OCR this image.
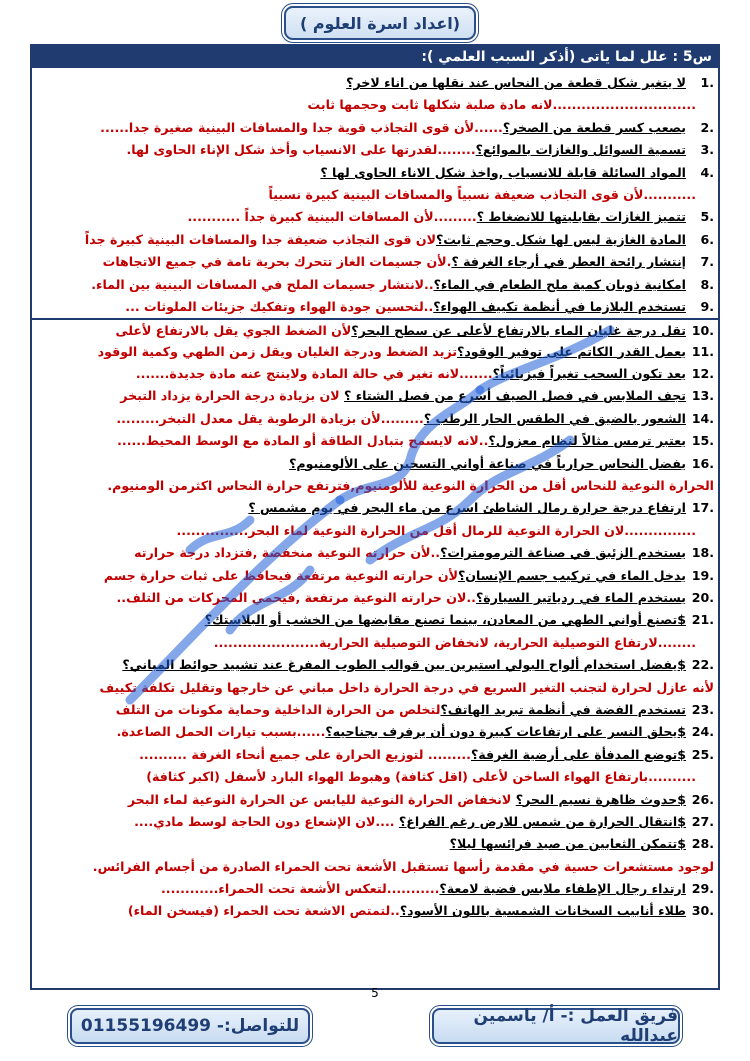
(اعداد اسرة العلوم )
س5 : علل لما ياتى (أذكر السبب العلمي ):
1.لا يتغير شكل قطعة من النحاس عند نقلها من اناء لاخر؟
..............................لانه مادة صلبة شكلها ثابت وحجمها ثابت
2.يصعب كسر قطعة من الصخر؟......لأن قوى التجاذب قوية جدا والمسافات البينية صغيرة جدا......
3.تسمية السوائل والغازات بالموائع؟........لقدرتها على الانسياب وأخذ شكل الإناء الحاوى لها.
4.المواد السائلة قابلة للانسياب ,واخذ شكل الاناء الحاوى لها ؟
...........لأن قوى التجاذب ضعيفة نسبياً والمسافات البينية كبيرة نسبياً
5.تتميز الغازات بقابليتها للانضغاط ؟.........لأن المسافات البينية كبيرة جداً ...........
6.المادة الغازية ليس لها شكل وحجم ثابت؟لان قوى التجاذب ضعيفة جدا والمسافات البينية كبيرة جداً
7.إنتشار رائحة العطر في أرجاء الغرفة ؟.لأن جسيمات الغاز تتحرك بحرية تامة في جميع الاتجاهات
8.امكانية ذوبان كمية ملح الطعام في الماء؟..لانتشار جسيمات الملح في المسافات البينية بين الماء.
9.تستخدم البلازما في أنظمة تكييف الهواء؟..لتحسين جودة الهواء وتفكيك جزيئات الملوثات ...
10.تقل درجة غليان الماء بالارتفاع لأعلى عن سطح البحر؟لأن الضغط الجوي يقل بالارتفاع لأعلى
11.يعمل القدر الكاتم على توفير الوقود؟تزيد الضغط ودرجة الغليان ويقل زمن الطهي وكمية الوقود
12.يعد تكون السحب تغيراً فيزيائياً؟.......لانه تغير في حالة المادة ولاينتج عنه مادة جديدة.......
13.تجف الملابس في فصل الصيف أسرع من فصل الشتاء ؟ لان بزيادة درجة الحرارة يزداد التبخر
14.الشعور بالضيق في الطقس الحار الرطب ؟.........لأن بزيادة الرطوبة يقل معدل التبخر.........
15.يعتبر ترمس مثالاً لنظام معزول؟..لانه لايسمح بتبادل الطاقة أو المادة مع الوسط المحيط......
16.يفضل النحاس حرارياً في صناعة أواني التسخين على الألومنيوم؟
الحرارة النوعية للنحاس أقل من الحرارة النوعية للألومنيوم,فترتفع حرارة النحاس اكثرمن الومنيوم.
17.ارتفاع درجة حرارة رمال الشاطئ اسرع من ماء البحر في يوم مشمس ؟
...............لان الحرارة النوعية للرمال أقل من الحرارة النوعية لماء البحر...............
18.يستخدم الزئبق في صناعة الترمومترات؟..لأن حرارته النوعية منخفضة ,فتزداد درجة حرارته
19.يدخل الماء في تركيب جسم الإنسان؟لأن حرارته النوعية مرتفعة فيحافظ على ثبات حرارة جسم
20.يستخدم الماء في ردياتير السيارة؟..لان حرارته النوعية مرتفعة ,فيحمي المحركات من التلف..
21.$تصنع أواني الطهي من المعادن، بينما تصنع مقابضها من الخشب أو البلاستك؟
........لارتفاع التوصيلية الحرارية، لانخفاض التوصيلية الحرارية......................
22.$يفضل استخدام ألواح البولي استيرين بين قوالب الطوب المفرغ عند تشييد حوائط المباني؟
لأنه عازل لحرارة لتجنب التغير السريع في درجة الحرارة داخل مباني عن خارجها وتقليل تكلفة تكييف
23.تستخدم الفضة في أنظمة تبريد الهاتف؟لتخلص من الحرارة الداخلية وحماية مكونات من التلف
24.$يحلق النسر على ارتفاعات كبيرة دون أن يرفرف بجناحيه؟......بسبب تيارات الحمل الصاعدة.
25.$توضع المدفأة على أرضية الغرفة؟......... لتوزيع الحرارة على جميع أنحاء الغرفة ..........
..........بارتفاع الهواء الساخن لأعلى (اقل كثافة) وهبوط الهواء البارد لأسفل (اكبر كثافة)
26.$حدوث ظاهرة نسيم البحر؟ لانخفاض الحرارة النوعية لليابس عن الحرارة النوعية لماء البحر
27.$انتقال الحرارة من شمس للارض رغم الفراغ؟ ....لان الإشعاع دون الحاجة لوسط مادي....
28.$تتمكن الثعابين من صيد فرائسها ليلا؟
لوجود مستشعرات حسية في مقدمة رأسها تستقبل الأشعة تحت الحمراء الصادرة من أجسام الفرائس.
29.ارتداء رجال الإطفاء ملابس فضية لامعة؟...........لتعكس الأشعة تحت الحمراء............
30.طلاء أنابيب السخانات الشمسية باللون الأسود؟..لتمتص الاشعة تحت الحمراء (فيسخن الماء)
5
للتواصل:- 01155196499	فريق العمل :- أ/ ياسمين عبدالله
